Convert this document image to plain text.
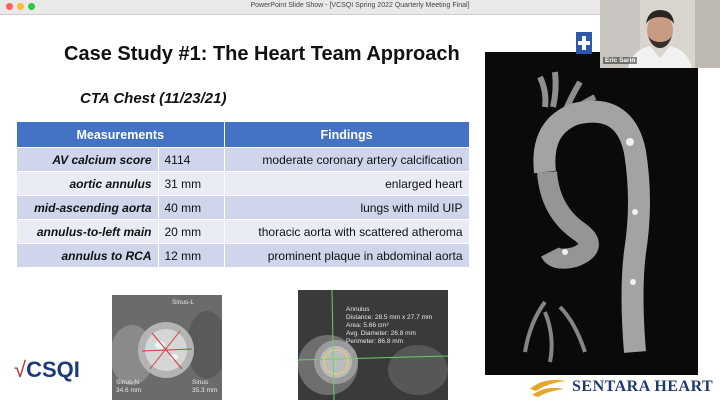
PowerPoint Slide Show - [VCSQI Spring 2022 Quarterly Meeting Final]
Case Study #1: The Heart Team Approach
CTA Chest (11/23/21)
Measurements		Findings
AV calcium score	4114	moderate coronary artery calcification
aortic annulus	31 mm	enlarged heart
mid-ascending aorta	40 mm	lungs with mild UIP
annulus-to-left main	20 mm	thoracic aorta with scattered atheroma
annulus to RCA	12 mm	prominent plaque in abdominal aorta
Sinus-L
Sinus-N
34.6 mm
Sinus
35.3 mm
Annulus
Distance: 28.5 mm x 27.7 mm
Area: 5.66 cm²
Avg. Diameter: 26.8 mm
Perimeter: 86.8 mm
√CSQI
SENTARA HEART
Eric Sarin
